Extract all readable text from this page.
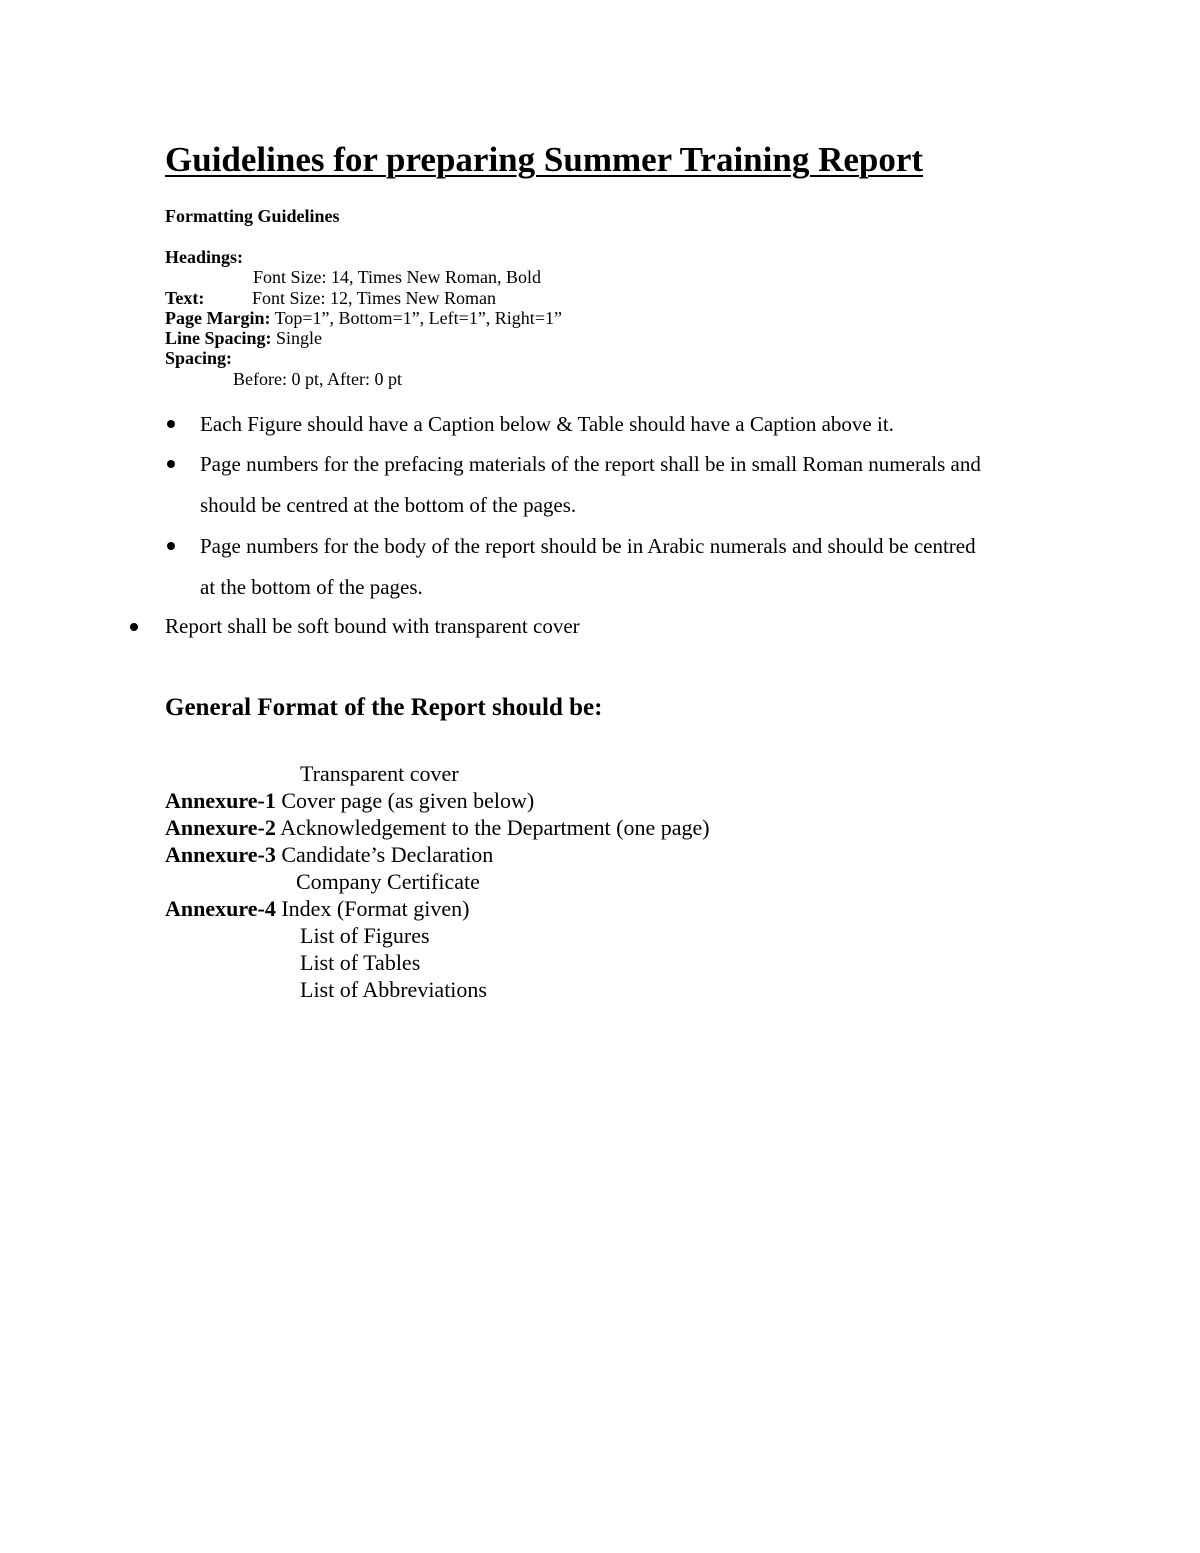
Guidelines for preparing Summer Training Report
Formatting Guidelines
Headings:
Font Size: 14, Times New Roman, Bold
Text:	Font Size: 12, Times New Roman
Page Margin: Top=1”, Bottom=1”, Left=1”, Right=1”
Line Spacing: Single
Spacing:
Before: 0 pt, After: 0 pt
Each Figure should have a Caption below & Table should have a Caption above it.
Page numbers for the prefacing materials of the report shall be in small Roman numerals and
should be centred at the bottom of the pages.
Page numbers for the body of the report should be in Arabic numerals and should be centred
at the bottom of the pages.
Report shall be soft bound with transparent cover
General Format of the Report should be:
Transparent cover
Annexure-1 Cover page (as given below)
Annexure-2 Acknowledgement to the Department (one page)
Annexure-3 Candidate’s Declaration
Company Certificate
Annexure-4 Index (Format given)
List of Figures
List of Tables
List of Abbreviations
